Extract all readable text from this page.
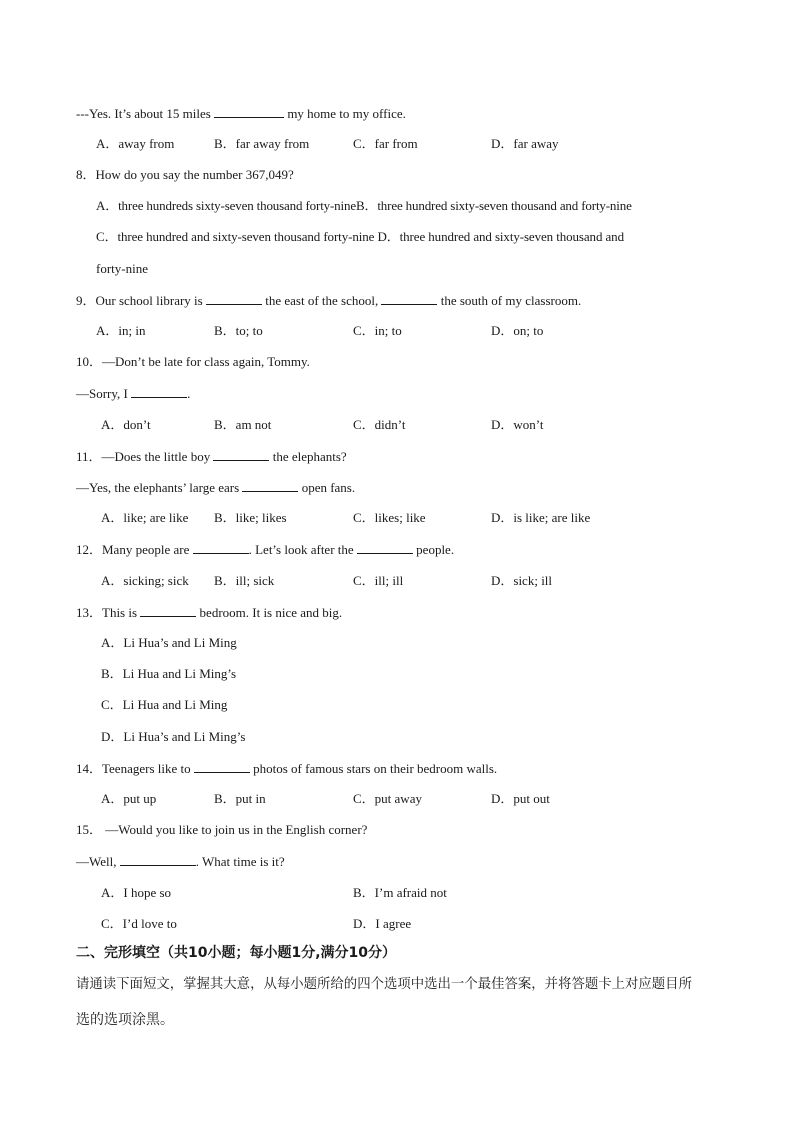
---Yes. It’s about 15 miles	my home to my office.
A．away from	B．far away from	C．far from	D．far away
8．How do you say the number 367,049?
A．three hundreds sixty-seven thousand forty-nineB．three hundred sixty-seven thousand and forty-nine
C．three hundred and sixty-seven thousand forty-nine D．three hundred and sixty-seven thousand and
forty-nine
9．Our school library is	the east of the school,	the south of my classroom.
A．in; in	B．to; to	C．in; to	D．on; to
10．—Don’t be late for class again, Tommy.
—Sorry, I	.
A．don’t	B．am not	C．didn’t	D．won’t
11．—Does the little boy	the elephants?
—Yes, the elephants’ large ears	open fans.
A．like; are like B．like; likes	C．likes; like	D．is like; are like
12．Many people are	. Let’s look after the	people.
A．sicking; sick B．ill; sick	C．ill; ill	D．sick; ill
13．This is	bedroom. It is nice and big.
A．Li Hua’s and Li Ming
B．Li Hua and Li Ming’s
C．Li Hua and Li Ming
D．Li Hua’s and Li Ming’s
14．Teenagers like to	photos of famous stars on their bedroom walls.
A．put up	B．put in	C．put away	D．put out
15． —Would you like to join us in the English corner?
—Well,	. What time is it?
A．I hope so	B．I’m afraid not
C．I’d love to	D．I agree
二、完形填空（共10小题；每小题1分,满分10分）
请通读下面短文，掌握其大意，从每小题所给的四个选项中选出一个最佳答案，并将答题卡上对应题目所
选的选项涂黑。
